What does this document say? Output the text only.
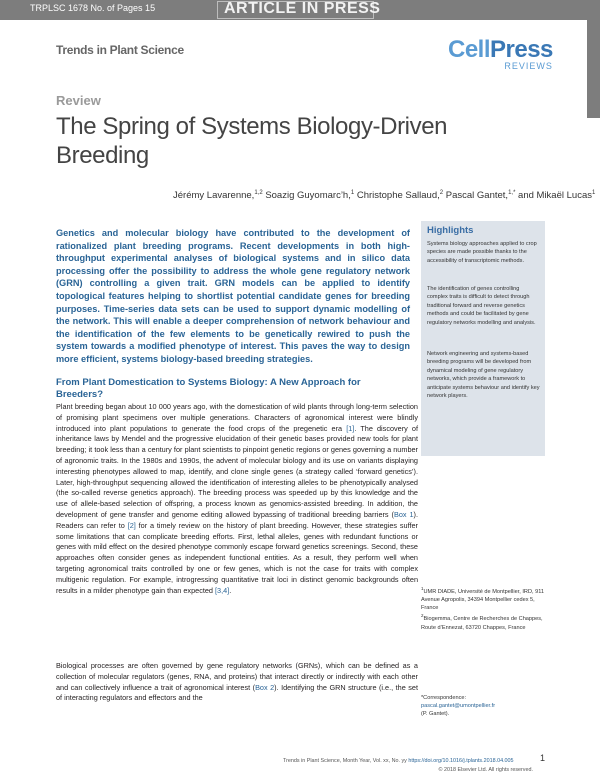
TRPLSC 1678 No. of Pages 15	ARTICLE IN PRESS
Trends in Plant Science	CellPress
REVIEWS
Review
The Spring of Systems Biology-Driven Breeding
Jérémy Lavarenne,$^{1,2}$ Soazig Guyomarc’h,$^1$ Christophe Sallaud,$^2$ Pascal Gantet,$^{1,*}$ and Mikaël Lucas$^1$
Genetics and molecular biology have contributed to the development of rationalized plant breeding programs. Recent developments in both high-throughput experimental analyses of biological systems and in silico data processing offer the possibility to address the whole gene regulatory network (GRN) controlling a given trait. GRN models can be applied to identify topological features helping to shortlist potential candidate genes for breeding purposes. Time-series data sets can be used to support dynamic modelling of the network. This will enable a deeper comprehension of network behaviour and the identification of the few elements to be genetically rewired to push the system towards a modified phenotype of interest. This paves the way to design more efficient, systems biology-based breeding strategies.
Highlights
Systems biology approaches applied to crop species are made possible thanks to the accessibility of transcriptomic methods.
The identification of genes controlling complex traits is difficult to detect through traditional forward and reverse genetics methods and could be facilitated by gene regulatory networks modelling and analysis.
Network engineering and systems-based breeding programs will be developed from dynamical modeling of gene regulatory networks, which provide a framework to anticipate systems behaviour and identify key network players.
From Plant Domestication to Systems Biology: A New Approach for Breeders?
Plant breeding began about 10 000 years ago, with the domestication of wild plants through long-term selection of promising plant specimens over multiple generations. Characters of agronomical interest were blindly introduced into plant populations to generate the food crops of the pregenetic era [1]. The discovery of inheritance laws by Mendel and the progressive elucidation of their genetic bases provided new tools for plant breeding; it took less than a century for plant scientists to pinpoint genetic regions or genes governing a number of agronomic traits. In the 1980s and 1990s, the advent of molecular biology and its use on variants displaying interesting phenotypes allowed to map, identify, and clone single genes (a strategy called ‘forward genetics’). Later, high-throughput sequencing allowed the identification of interesting alleles to be phenotypically analysed (the so-called reverse genetics approach). The breeding process was speeded up by this knowledge and the use of allele-based selection of offspring, a process known as genomics-assisted breeding. In addition, the development of gene transfer and genome editing allowed bypassing of traditional breeding barriers (Box 1). Readers can refer to [2] for a timely review on the history of plant breeding. However, these strategies suffer some limitations that can complicate breeding efforts. First, lethal alleles, genes with redundant functions or genes with mild effect on the desired phenotype commonly escape forward genetics screenings. Second, these approaches often consider genes as independent functional entities. As a result, they perform well when targeting agronomical traits controlled by one or few genes, which is not the case for traits with complex multigenic regulation. For example, introgressing quantitative trait loci in distinct genomic backgrounds often results in a milder phenotype gain than expected [3,4].
Biological processes are often governed by gene regulatory networks (GRNs), which can be defined as a collection of molecular regulators (genes, RNA, and proteins) that interact directly or indirectly with each other and can collectively influence a trait of agronomical interest (Box 2). Identifying the GRN structure (i.e., the set of interacting regulators and effectors and the
$^1$UMR DIADE, Université de Montpellier, IRD, 911 Avenue Agropolis, 34394 Montpellier cedex 5, France
$^2$Biogemma, Centre de Recherches de Chappes, Route d’Ennezat, 63720 Chappes, France
*Correspondence:
pascal.gantet@umontpellier.fr
(P. Gantet).
Trends in Plant Science, Month Year, Vol. xx, No. yy https://doi.org/10.1016/j.tplants.2018.04.005	1
© 2018 Elsevier Ltd. All rights reserved.
